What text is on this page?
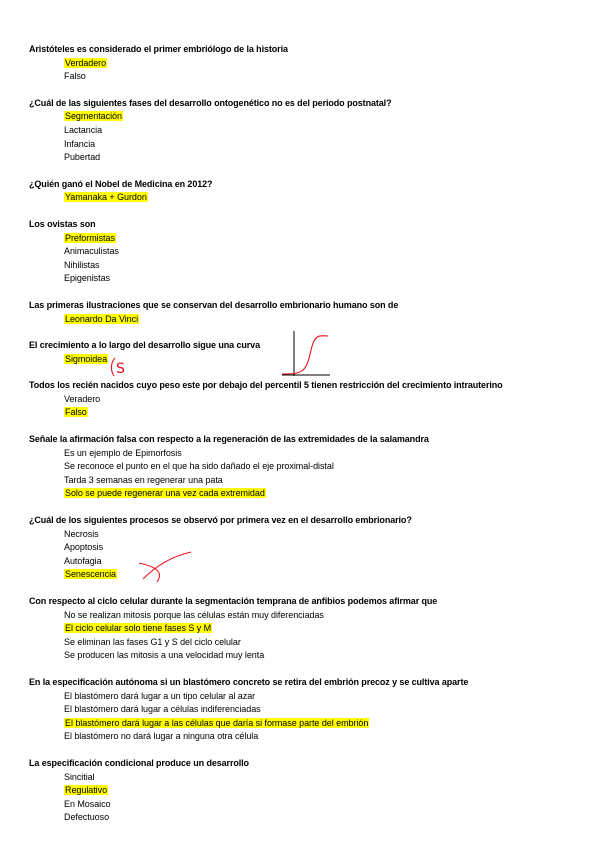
Aristóteles es considerado el primer embriólogo de la historia
Verdadero
Falso
¿Cuál de las siguientes fases del desarrollo ontogenético no es del periodo postnatal?
Segmentación
Lactancia
Infancia
Pubertad
¿Quién ganó el Nobel de Medicina en 2012?
Yamanaka + Gurdon
Los ovistas son
Preformistas
Animaculistas
Nihilistas
Epigenistas
Las primeras ilustraciones que se conservan del desarrollo embrionario humano son de
Leonardo Da Vinci
El crecimiento a lo largo del desarrollo sigue una curva
Sigmoidea
Todos los recién nacidos cuyo peso este por debajo del percentil 5 tienen restricción del crecimiento intrauterino
Veradero
Falso
Señale la afirmación falsa con respecto a la regeneración de las extremidades de la salamandra
Es un ejemplo de Epimorfosis
Se reconoce el punto en el que ha sido dañado el eje proximal-distal
Tarda 3 semanas en regenerar una pata
Solo se puede regenerar una vez cada extremidad
¿Cuál de los siguientes procesos se observó por primera vez en el desarrollo embrionario?
Necrosis
Apoptosis
Autofagia
Senescencia
Con respecto al ciclo celular durante la segmentación temprana de anfibios podemos afirmar que
No se realizan mitosis porque las células están muy diferenciadas
El ciclo celular solo tiene fases S y M
Se eliminan las fases G1 y S del ciclo celular
Se producen las mitosis a una velocidad muy lenta
En la especificación autónoma si un blastómero concreto se retira del embrión precoz y se cultiva aparte
El blastómero dará lugar a un tipo celular al azar
El blastómero dará lugar a células indiferenciadas
El blastómero dará lugar a las células que daría si formase parte del embrión
El blastómero no dará lugar a ninguna otra célula
La especificación condicional produce un desarrollo
Sincitial
Regulativo
En Mosaico
Defectuoso
S
